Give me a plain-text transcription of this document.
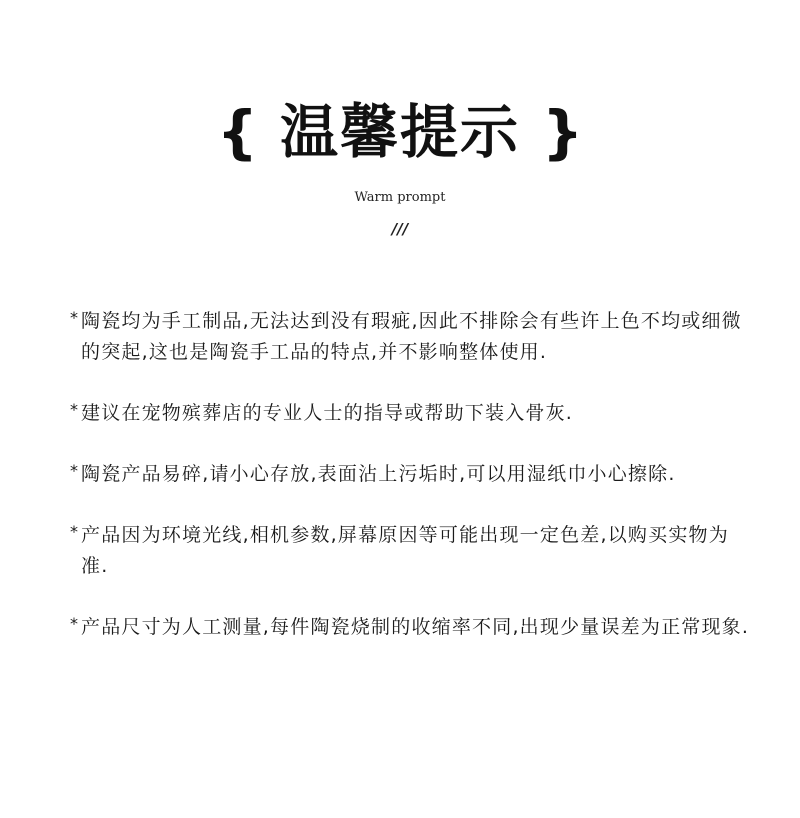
{ 温馨提示 }
Warm prompt
///
* 陶瓷均为手工制品,无法达到没有瑕疵,因此不排除会有些许上色不均或细微的突起,这也是陶瓷手工品的特点,并不影响整体使用.
* 建议在宠物殡葬店的专业人士的指导或帮助下装入骨灰.
* 陶瓷产品易碎,请小心存放,表面沾上污垢时,可以用湿纸巾小心擦除.
* 产品因为环境光线,相机参数,屏幕原因等可能出现一定色差,以购买实物为准.
* 产品尺寸为人工测量,每件陶瓷烧制的收缩率不同,出现少量误差为正常现象.
